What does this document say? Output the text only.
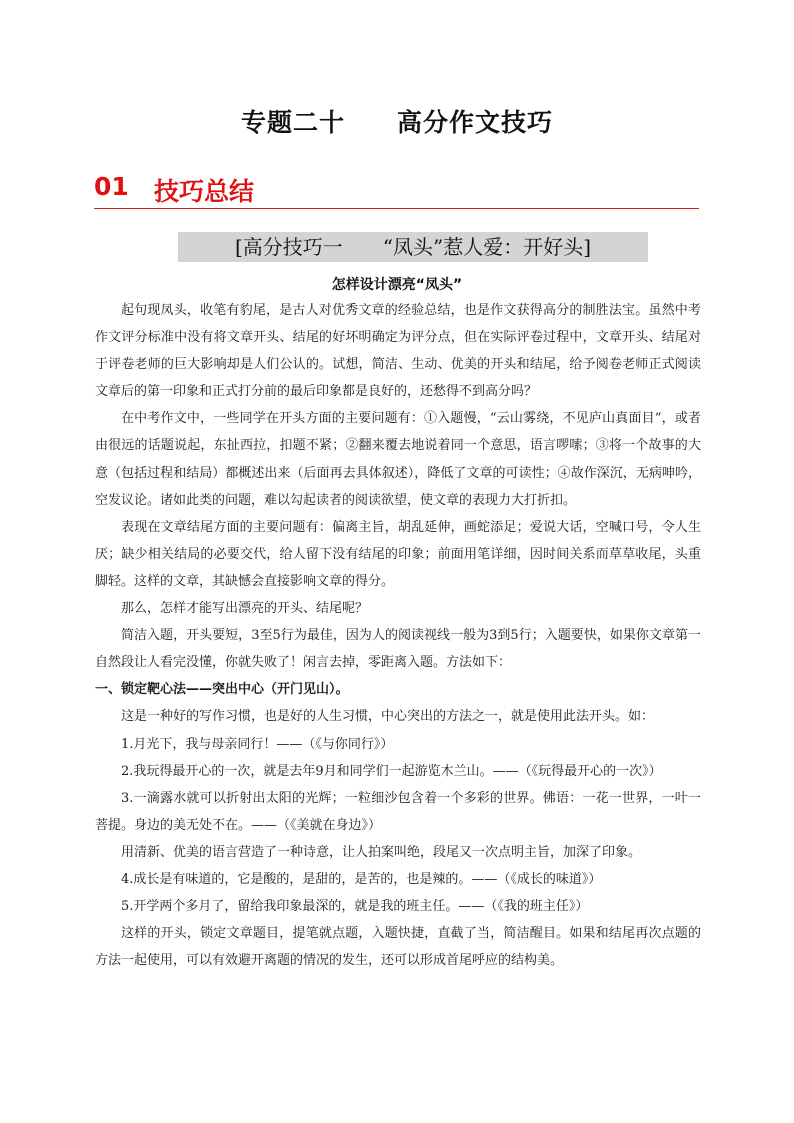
专题二十　　高分作文技巧
01 技巧总结
[高分技巧一　　“凤头”惹人爱：开好头]
怎样设计漂亮“凤头”

起句现凤头，收笔有豹尾，是古人对优秀文章的经验总结，也是作文获得高分的制胜法宝。虽然中考作文评分标准中没有将文章开头、结尾的好坏明确定为评分点，但在实际评卷过程中，文章开头、结尾对于评卷老师的巨大影响却是人们公认的。试想，简洁、生动、优美的开头和结尾，给予阅卷老师正式阅读文章后的第一印象和正式打分前的最后印象都是良好的，还愁得不到高分吗？

在中考作文中，一些同学在开头方面的主要问题有：①入题慢，“云山雾绕，不见庐山真面目”，或者由很远的话题说起，东扯西拉，扣题不紧；②翻来覆去地说着同一个意思，语言啰嗦；③将一个故事的大意（包括过程和结局）都概述出来（后面再去具体叙述），降低了文章的可读性；④故作深沉，无病呻吟，空发议论。诸如此类的问题，难以勾起读者的阅读欲望，使文章的表现力大打折扣。

表现在文章结尾方面的主要问题有：偏离主旨，胡乱延伸，画蛇添足；爱说大话，空喊口号，令人生厌；缺少相关结局的必要交代，给人留下没有结尾的印象；前面用笔详细，因时间关系而草草收尾，头重脚轻。这样的文章，其缺憾会直接影响文章的得分。

那么，怎样才能写出漂亮的开头、结尾呢？

简洁入题，开头要短，3至5行为最佳，因为人的阅读视线一般为3到5行；入题要快，如果你文章第一自然段让人看完没懂，你就失败了！闲言去掉，零距离入题。方法如下：

一、锁定靶心法——突出中心（开门见山）。

这是一种好的写作习惯，也是好的人生习惯，中心突出的方法之一，就是使用此法开头。如：

1.月光下，我与母亲同行！——（《与你同行》）

2.我玩得最开心的一次，就是去年9月和同学们一起游览木兰山。——（《玩得最开心的一次》）

3.一滴露水就可以折射出太阳的光辉；一粒细沙包含着一个多彩的世界。佛语：一花一世界，一叶一菩提。身边的美无处不在。——（《美就在身边》）

用清新、优美的语言营造了一种诗意，让人拍案叫绝，段尾又一次点明主旨，加深了印象。

4.成长是有味道的，它是酸的，是甜的，是苦的，也是辣的。——（《成长的味道》）

5.开学两个多月了，留给我印象最深的，就是我的班主任。——（《我的班主任》）

这样的开头，锁定文章题目，提笔就点题，入题快捷，直截了当，简洁醒目。如果和结尾再次点题的方法一起使用，可以有效避开离题的情况的发生，还可以形成首尾呼应的结构美。
